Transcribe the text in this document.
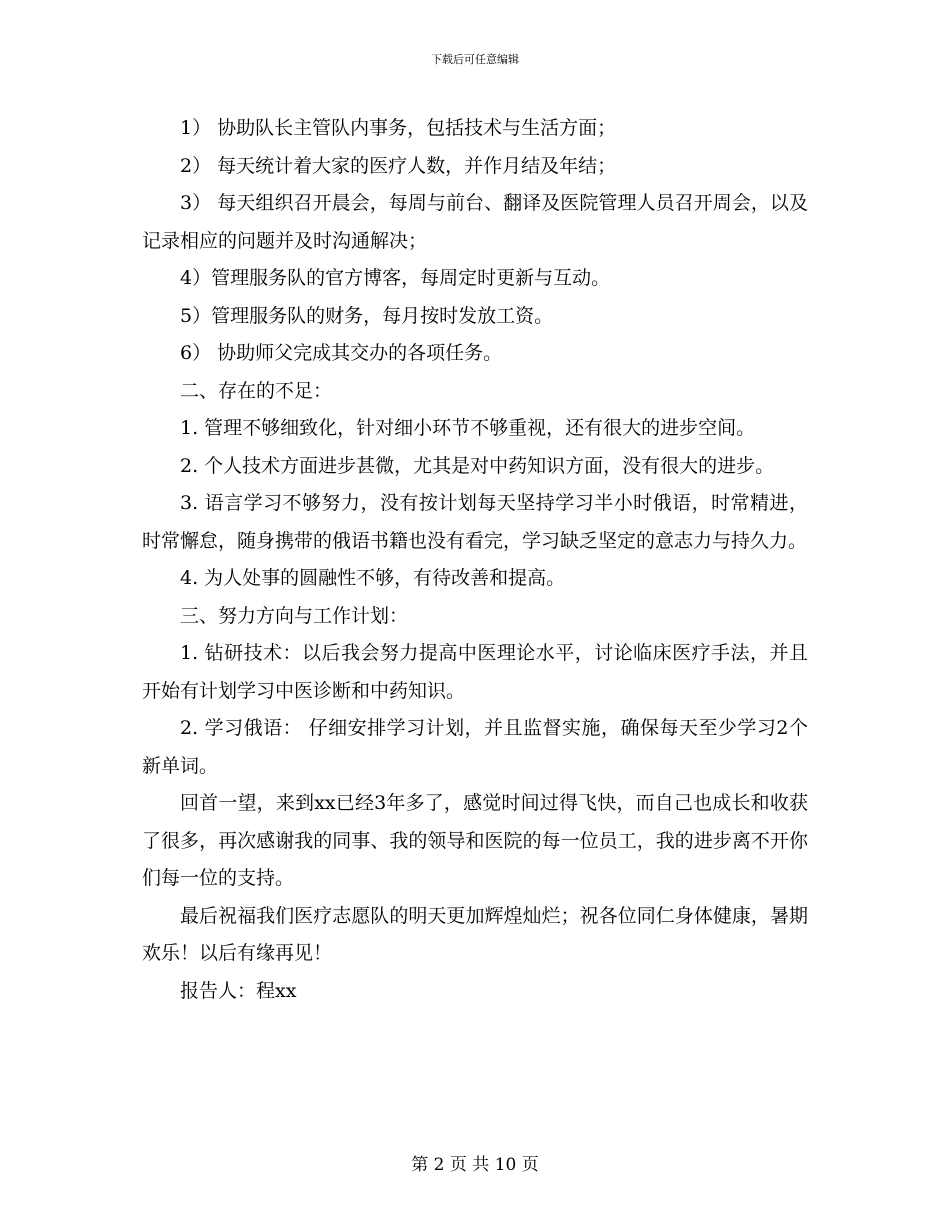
下载后可任意编辑

1） 协助队长主管队内事务，包括技术与生活方面；

2） 每天统计着大家的医疗人数，并作月结及年结；

3） 每天组织召开晨会，每周与前台、翻译及医院管理人员召开周会，以及记录相应的问题并及时沟通解决；

4）管理服务队的官方博客，每周定时更新与互动。

5）管理服务队的财务，每月按时发放工资。

6） 协助师父完成其交办的各项任务。

二、存在的不足：

1. 管理不够细致化，针对细小环节不够重视，还有很大的进步空间。

2. 个人技术方面进步甚微，尤其是对中药知识方面，没有很大的进步。

3. 语言学习不够努力，没有按计划每天坚持学习半小时俄语，时常精进，时常懈怠，随身携带的俄语书籍也没有看完，学习缺乏坚定的意志力与持久力。

4. 为人处事的圆融性不够，有待改善和提高。

三、努力方向与工作计划：

1. 钻研技术：以后我会努力提高中医理论水平，讨论临床医疗手法，并且开始有计划学习中医诊断和中药知识。

2. 学习俄语： 仔细安排学习计划，并且监督实施，确保每天至少学习2个新单词。

回首一望，来到xx已经3年多了，感觉时间过得飞快，而自己也成长和收获了很多，再次感谢我的同事、我的领导和医院的每一位员工，我的进步离不开你们每一位的支持。

最后祝福我们医疗志愿队的明天更加辉煌灿烂；祝各位同仁身体健康，暑期欢乐！以后有缘再见！

报告人：程xx

第 2 页 共 10 页
